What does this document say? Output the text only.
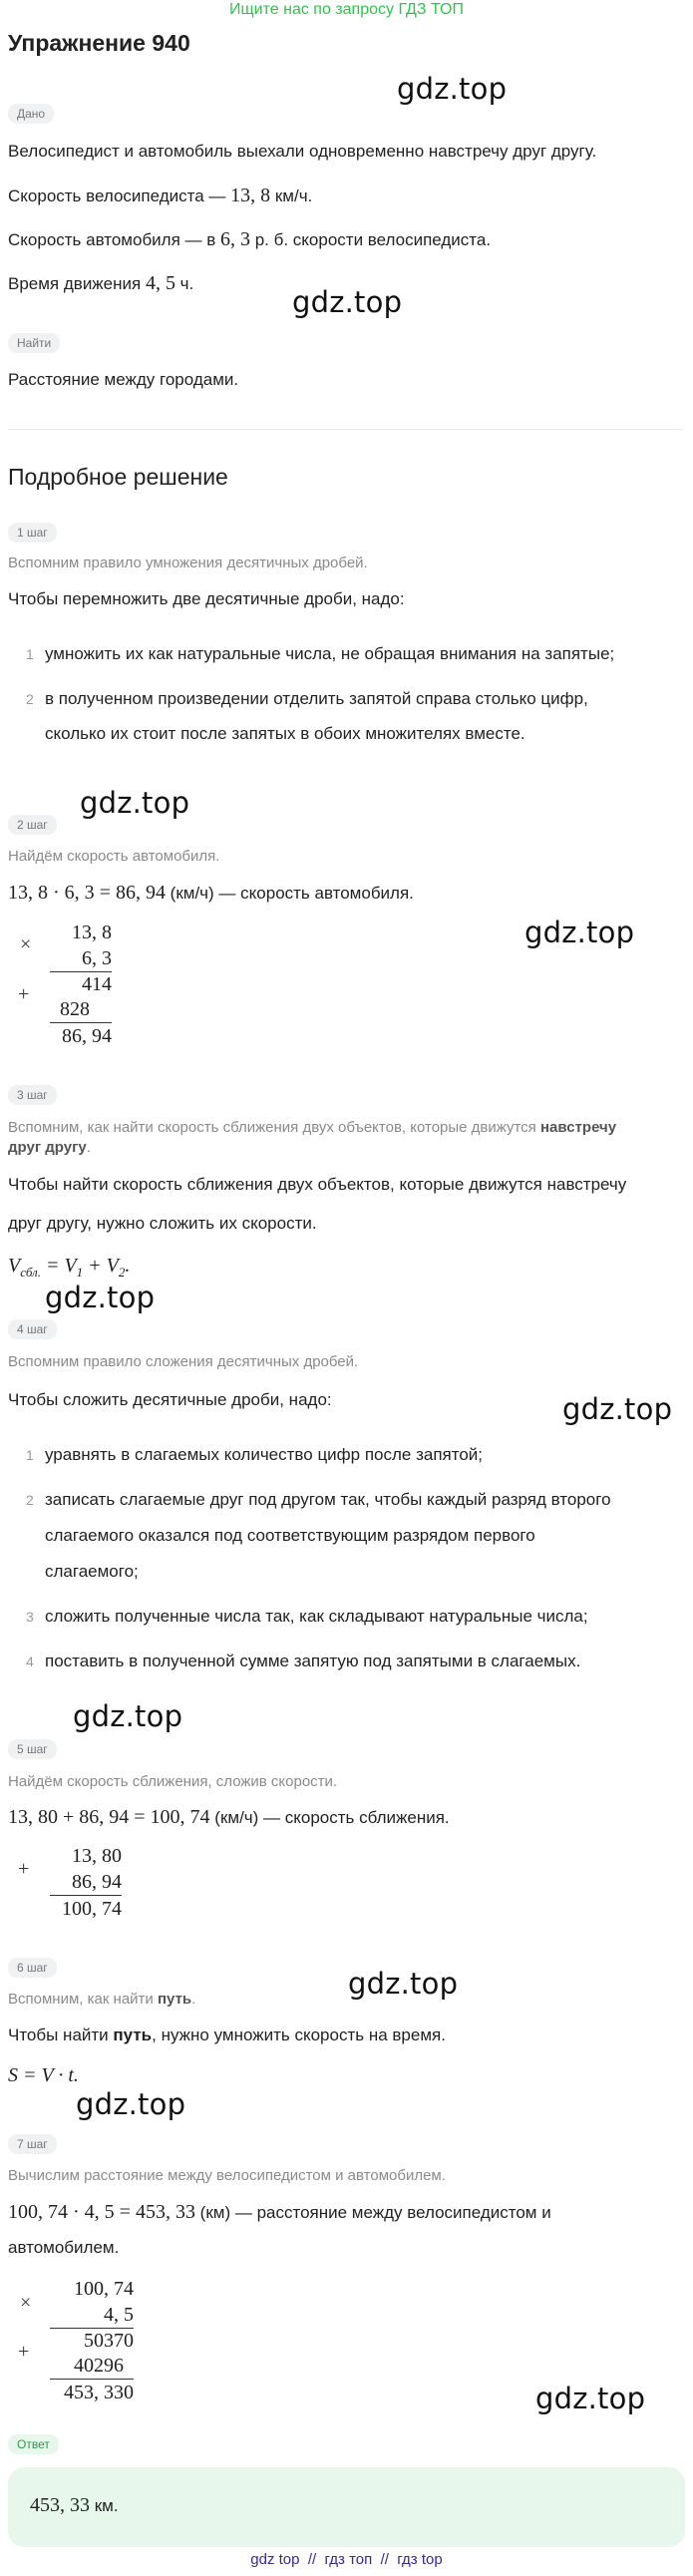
Ищите нас по запросу ГДЗ ТОП
Упражнение 940
gdz.top
gdz.top
gdz.top
gdz.top
gdz.top
gdz.top
gdz.top
gdz.top
gdz.top
gdz.top
Дано
Велосипедист и автомобиль выехали одновременно навстречу друг другу.
Скорость велосипедиста — 13, 8 км/ч.
Скорость автомобиля — в 6, 3 р. б. скорости велосипедиста.
Время движения 4, 5 ч.
Найти
Расстояние между городами.
Подробное решение
1 шаг
Вспомним правило умножения десятичных дробей.
Чтобы перемножить две десятичные дроби, надо:
1 умножить их как натуральные числа, не обращая внимания на запятые;
2 в полученном произведении отделить запятой справа столько цифр,
сколько их стоит после запятых в обоих множителях вместе.
2 шаг
Найдём скорость автомобиля.
13, 8 · 6, 3 = 86, 94 (км/ч) — скорость автомобиля.
×
+
13, 8
6, 3
414
828
86, 94
3 шаг
Вспомним, как найти скорость сближения двух объектов, которые движутся навстречу
друг другу.
Чтобы найти скорость сближения двух объектов, которые движутся навстречу
друг другу, нужно сложить их скорости.
$V_{сбл.} = V_1 + V_2$.
4 шаг
Вспомним правило сложения десятичных дробей.
Чтобы сложить десятичные дроби, надо:
1 уравнять в слагаемых количество цифр после запятой;
2 записать слагаемые друг под другом так, чтобы каждый разряд второго
слагаемого оказался под соответствующим разрядом первого
слагаемого;
3 сложить полученные числа так, как складывают натуральные числа;
4 поставить в полученной сумме запятую под запятыми в слагаемых.
5 шаг
Найдём скорость сближения, сложив скорости.
13, 80 + 86, 94 = 100, 74 (км/ч) — скорость сближения.
+
13, 80
86, 94
100, 74
6 шаг
Вспомним, как найти путь.
Чтобы найти путь, нужно умножить скорость на время.
S = V · t.
7 шаг
Вычислим расстояние между велосипедистом и автомобилем.
100, 74 · 4, 5 = 453, 33 (км) — расстояние между велосипедистом и
автомобилем.
×
+
100, 74
4, 5
50370
40296
453, 330
Ответ
453, 33 км.
gdz top  //  гдз топ  //  гдз top
